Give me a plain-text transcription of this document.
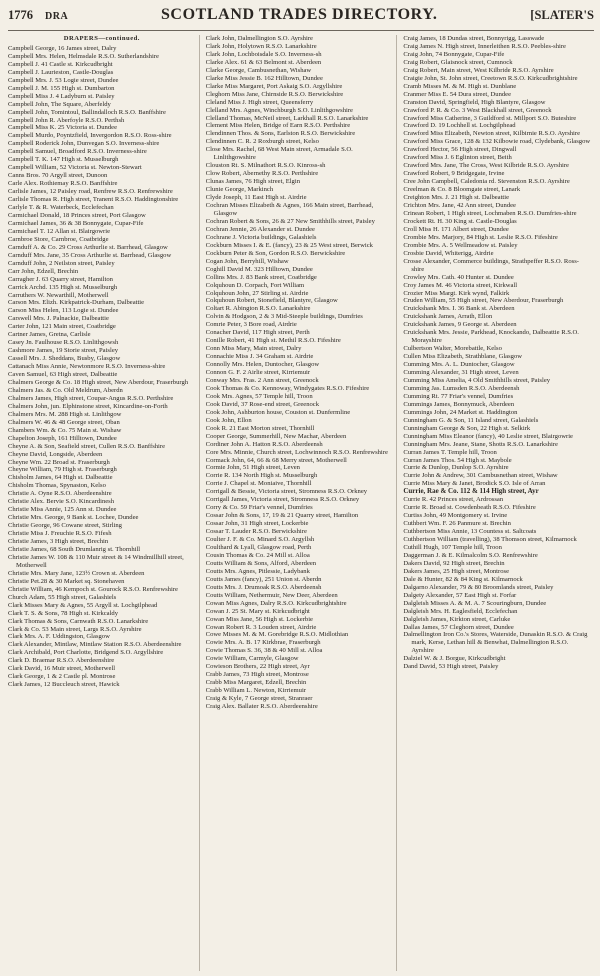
1776 DRA	SCOTLAND TRADES DIRECTORY.	[SLATER'S

DRAPERS—continued.

Campbell George, 16 James street, Dalry

Campbell Mrs. Helen, Helmsdale R.S.O. Sutherlandshire

Campbell J. 41 Castle st. Kirkcudbright

Campbell J. Laurieston, Castle-Douglas

Campbell Mrs. J. 53 Logie street, Dundee

Campbell J. M. 155 High st. Dumbarton

Campbell Miss J. 4 Ladyburn st. Paisley

Campbell John, The Square, Aberfeldy

Campbell John, Tomintoul, Ballindalloch R.S.O. Banffshire

Campbell John R. Aberfoyle R.S.O. Perthsh

Campbell Miss K. 25 Victoria st. Dundee

Campbell Murdo, Poyntzfield, Invergordon R.S.O. Ross-shire

Campbell Roderick John, Dunvegan S.O. Inverness-shire

Campbell Samuel, Broadford R.S.O. Inverness-shire

Campbell T. K. 147 High st. Musselburgh

Campbell William, 52 Victoria st. Newton-Stewart

Canns Bros. 70 Argyll street, Dunoon

Carle Alex. Rothiemay R.S.O. Banffshire

Carlisle James, 12 Paisley road, Renfrew R.S.O. Renfrewshire

Carlisle Thomas R. High street, Tranent R.S.O. Haddingtonshire

Carlyle T. & R. Waterbeck, Ecclefechan

Carmichael Donald, 18 Princes street, Port Glasgow

Carmichael James, 36 & 38 Bonnygate, Cupar-Fife

Carmichael T. 12 Allan st. Blairgowrie

Carnbroe Store, Carnbroe, Coatbridge

Carnduff A. & Co. 29 Cross Arthurlie st. Barrhead, Glasgow

Carnduff Mrs. Jane, 35 Cross Arthurlie st. Barrhead, Glasgow

Carnduff John, 2 Neilston street, Paisley

Carr John, Edzell, Brechin

Carragher J. 63 Quarry street, Hamilton

Carrick Archd. 135 High st. Musselburgh

Carruthers W. Newarthill, Motherwell

Carson Mrs. Elizh. Kirkpatrick-Durham, Dalbeattie

Carson Miss Helen, 113 Logie st. Dundee

Carswell Mrs. J. Palnackie, Dalbeattie

Carter John, 121 Main street, Coatbridge

Cartner James, Gretna, Carlisle

Casey Jn. Faulhouse R.S.O. Linlithgowsh

Cashmore James, 19 Storie street, Paisley

Cassell Mrs. J. Sheddans, Busby, Glasgow

Cattanach Miss Annie, Newtonmore R.S.O. Inverness-shire

Caven Samuel, 63 High street, Dalbeattie

Chalmers George & Co. 18 High street, New Aberdour, Fraserburgh

Chalmers Jas. & Co. Old Meldrum, Aberdn

Chalmers James, High street, Coupar-Angus R.S.O. Perthshire

Chalmers John, jun. Elphinstone street, Kincardine-on-Forth

Chalmers Mrs. M. 288 High st. Linlithgow

Chalmers W. 46 & 48 George street, Oban

Chambers Wm. & Co. 75 Main st. Wishaw

Chapelton Joseph, 161 Hilltown, Dundee

Cheyne A. & Son, Seafield street, Cullen R.S.O. Banffshire

Cheyne David, Longside, Aberdeen

Cheyne Wm. 22 Broad st. Fraserburgh

Cheyne William, 79 High st. Fraserburgh

Chisholm James, 64 High st. Dalbeattie

Chisholm Thomas, Spynaston, Kelso

Christie A. Oyne R.S.O. Aberdeenshire

Christie Alex. Bervie S.O. Kincardinesh

Christie Miss Annie, 125 Ann st. Dundee

Christie Mrs. George, 9 Bank st. Lochee, Dundee

Christie George, 96 Cowane street, Stirling

Christie Miss J. Freuchie R.S.O. Fifesh

Christie James, 3 High street, Brechin

Christie James, 68 South Drumlanrig st. Thornhill

Christie James W. 108 & 110 Muir street & 14 Windmillhill street, Motherwell

Christie Mrs. Mary Jane, 123½ Crown st. Aberdeen

Christie Pet.28 & 30 Market sq. Stonehaven

Christie William, 46 Kempoch st. Gourock R.S.O. Renfrewshire

Church Adam, 55 High street, Galashiels

Clark Misses Mary & Agnes, 55 Argyll st. Lochgilphead

Clark T. S. & Sons, 78 High st. Kirkcaldy

Clark Thomas & Sons, Carnwath R.S.O. Lanarkshire

Clark & Co. 53 Main street, Largs R.S.O. Ayrshire

Clark Mrs. A. F. Uddingston, Glasgow

Clark Alexander, Mintlaw, Mintlaw Station R.S.O. Aberdeenshire

Clark Archibald, Port Charlotte, Bridgend S.O. Argyllshire

Clark D. Braemar R.S.O. Aberdeenshire

Clark David, 16 Muir street, Motherwell

Clark George, 1 & 2 Castle pl. Montrose

Clark James, 12 Buccleuch street, Hawick

Clark John, Dalmellington S.O. Ayrshire

Clark John, Holytown R.S.O. Lanarkshire

Clark John, Lochboisdale S.O. Inverness-sh

Clarke Alex. 61 & 63 Belmont st. Aberdeen

Clarke George, Cambusnethan, Wishaw

Clarke Miss Jessie B. 162 Hilltown, Dundee

Clarke Miss Margaret, Port Askaig S.O. Argyllshire

Cleghorn Miss Jane, Chirnside R.S.O. Berwickshire

Cleland Miss J. High street, Queensferry

Clelland Mrs. Agnes, Winchburgh S.O. Linlithgowshire

Clelland Thomas, McNeil street, Larkhall R.S.O. Lanarkshire

Clement Miss Helen, Bridge of Earn R.S.O. Perthshire

Clendinnen Thos. & Sons, Earlston R.S.O. Berwickshire

Clendinnen C. R. 2 Roxburgh street, Kelso

Close Mrs. Rachel, 68 West Main street, Armadale S.O. Linlithgowshire

Clouston Rt. S. Milnathort R.S.O. Kinross-sh

Clow Robert, Abernethy R.S.O. Perthshire

Clunas James, 76 High street, Elgin

Clunie George, Markinch

Clyde Joseph, 11 East High st. Airdrie

Cochran Misses Elizabeth & Agnes, 166 Main street, Barrhead, Glasgow

Cochran Robert & Sons, 26 & 27 New Smithhills street, Paisley

Cochran Jennie, 26 Alexander st. Dundee

Cochrane J. Victoria buildings, Galashiels

Cockburn Misses I. & E. (fancy), 23 & 25 West street, Berwick

Cockburn Peter & Son, Gordon R.S.O. Berwickshire

Cogan John, Berryhill, Wishaw

Coghill David M. 323 Hilltown, Dundee

Collins Mrs. J. 83 Bank street, Coatbridge

Colquhoun D. Corpach, Fort William

Colquhoun John, 27 Stirling st. Airdrie

Colquhoun Robert, Stonefield, Blantyre, Glasgow

Coltart R. Abington R.S.O. Lanarkshire

Colvin & Hodgson, 2 & 3 Mid-Steeple buildings, Dumfries

Comrie Peter, 3 Bore road, Airdrie

Conacher David, 117 High street, Perth

Conille Robert, 41 High st. Methil R.S.O. Fifeshire

Conn Miss Mary, Main street, Dalry

Connachie Miss J. 34 Graham st. Airdrie

Connolly Mrs. Helen, Duntocher, Glasgow

Connon G. F. 2 Airlie street, Kirriemuir

Conway Mrs. Fras. 2 Ann street, Greenock

Cook Thomas & Co. Kennoway, Windygates R.S.O. Fifeshire

Cook Mrs. Agnes, 57 Temple hill, Troon

Cook David, 37 Rose-end street, Greenock

Cook John, Ashburton house, Couston st. Dunfermline

Cook John, Ellon

Cook R. 21 East Morton street, Thornhill

Cooper George, Summerhill, New Machar, Aberdeen

Cordiner John A. Hatton R.S.O. Aberdeensh

Core Mrs. Minnie, Church street, Lochwinnoch R.S.O. Renfrewshire

Cormack John, 64, 66 & 68 Merry street, Motherwell

Cormie John, 51 High street, Leven

Corrie R. 134 North High st. Musselburgh

Corrie J. Chapel st. Moniaive, Thornhill

Corrigall & Bessie, Victoria street, Stromness R.S.O. Orkney

Corrigall James, Victoria street, Stromness R.S.O. Orkney

Corry & Co. 59 Friar's vennel, Dumfries

Cossar John & Sons, 17, 19 & 21 Quarry street, Hamilton

Cossar John, 31 High street, Lockerbie

Cossar T. Lauder R.S.O. Berwickshire

Coulter J. F. & Co. Minard S.O. Argyllsh

Coulthard & Lyall, Glasgow road, Perth

Cousin Thomas & Co. 24 Mill st. Alloa

Coutts William & Sons, Alford, Aberdeen

Coutts Mrs. Agnes, Pitlessie, Ladybank

Coutts James (fancy), 251 Union st. Aberdn

Coutts Mrs. J. Drumoak R.S.O. Aberdeensh

Coutts William, Nethermuir, New Deer, Aberdeen

Cowan Miss Agnes, Dalry R.S.O. Kirkcudbrightshire

Cowan J. 25 St. Mary st. Kirkcudbright

Cowan Miss Jane, 56 High st. Lockerbie

Cowan Robert R. 3 Louden street, Airdrie

Cowe Misses M. & M. Gorebridge R.S.O. Midlothian

Cowie Mrs. A. B. 17 Kirkbrae, Fraserburgh

Cowie Thomas S. 36, 38 & 40 Mill st. Alloa

Cowie William, Carmyle, Glasgow

Cowieson Brothers, 22 High street, Ayr

Crabb James, 73 High street, Montrose

Crabb Miss Margaret, Edzell, Brechin

Crabb William L. Newton, Kirriemuir

Craig & Kyle, 7 George street, Stranraer

Craig Alex. Ballater R.S.O. Aberdeenshire

Craig James, 18 Dundas street, Bonnyrigg, Lasswade

Craig James N. High street, Innerleithen R.S.O. Peebles-shire

Craig John, 74 Bonnygate, Cupar-Fife

Craig Robert, Glaisnock street, Cumnock

Craig Robert, Main street, West Kilbride R.S.O. Ayrshire

Craigie John, St. John street, Creetown R.S.O. Kirkcudbrightshire

Cramb Misses M. & M. High st. Dunblane

Cranmer Miss E. 54 Dura street, Dundee

Cranston David, Springfield, High Blantyre, Glasgow

Crawford P. R. & Co. 3 West Blackhall street, Greenock

Crawford Miss Catherine, 3 Guildford st. Millport S.O. Buteshire

Crawford D. 19 Lochhell st. Lochgilphead

Crawford Miss Elizabeth, Newton street, Kilbirnie R.S.O. Ayrshire

Crawford Miss Grace, 128 & 132 Kilbowie road, Clydebank, Glasgow

Crawford Hector, 56 High street, Dingwall

Crawford Miss J. 6 Eglinton street, Beith

Crawford Mrs. Jane, The Cross, West Kilbride R.S.O. Ayrshire

Crawford Robert, 9 Bridgegate, Irvine

Cree John Campbell, Caledonia rd. Stevenston R.S.O. Ayrshire

Creelman & Co. 8 Bloomgate street, Lanark

Creighton Mrs. J. 21 High st. Dalbeattie

Crichton Mrs. Jane, 42 Ann street, Dundee

Crinean Robert, 1 High street, Lochmaben R.S.O. Dumfries-shire

Crockett Rt. H. 30 King st. Castle-Douglas

Croll Miss H. 171 Albert street, Dundee

Crombie Mrs. Marjory, 84 High st. Leslie R.S.O. Fifeshire

Crombie Mrs. A. 5 Wellmeadow st. Paisley

Crosbie David, Whiterigg, Airdrie

Crosse Alexander, Commerce buildings, Strathpeffer R.S.O. Ross-shire

Crowley Mrs. Cath. 40 Hunter st. Dundee

Croy James M. 46 Victoria street, Kirkwall

Crozier Miss Margt. Kirk wynd, Falkirk

Cruden William, 55 High street, New Aberdour, Fraserburgh

Cruickshank Mrs. I. 36 Bank st. Aberdeen

Cruickshank James, Arrath, Ellon

Cruickshank James, 9 George st. Aberdeen

Cruickshank Mrs. Jessie, Parkhead, Knockando, Dalbeattie R.S.O. Morayshire

Culbertson Walter, Morebattle, Kelso

Cullen Miss Elizabeth, Strathblane, Glasgow

Cumming Mrs. A. L. Duntocher, Glasgow

Cumming Alexander, 31 High street, Leven

Cumming Miss Amelia, 4 Old Smithhills street, Paisley

Cumming Jas. Lumsden R.S.O. Aberdeensh

Cumming Rt. 77 Friar's vennel, Dumfries

Cummings James, Bonnymuck, Aberdeen

Cummings John, 24 Market st. Haddington

Cunningham G. & Son, 11 Island street, Galashiels

Cunningham George & Son, 22 High st. Selkirk

Cunningham Miss Eleanor (fancy), 40 Leslie street, Blairgowrie

Cunningham Mrs. Jeane, Stane, Shotts R.S.O. Lanarkshire

Curran James T. Temple hill, Troon

Curran James Thos. 54 High st. Maybole

Currie & Dunlop, Dunlop S.O. Ayrshire

Currie John & Andrew, 301 Cambusnethan street, Wishaw

Currie Miss Mary & Janet, Brodick S.O. Isle of Arran

Currie, Rae & Co. 112 & 114 High street, Ayr

Currie R. 42 Princes street, Ardrossan

Currie R. Broad st. Cowdenbeath R.S.O. Fifeshire

Curtiss John, 49 Montgomery st. Irvine

Cuthbert Wm. F. 26 Panmure st. Brechin

Cuthbertson Miss Annie, 13 Countess st. Saltcoats

Cuthbertson William (travelling), 38 Thomson street, Kilmarnock

Cuthill Hugh, 107 Temple hill, Troon

Daggerman J. & E. Kilmalcolm S.O. Renfrewshire

Dakers David, 92 High street, Brechin

Dakers James, 25 High street, Montrose

Dale & Hunter, 82 & 84 King st. Kilmarnock

Dalgarno Alexander, 79 & 80 Broomlands street, Paisley

Dalgety Alexander, 57 East High st. Forfar

Dalgleish Misses A. & M. A. 7 Scouringburn, Dundee

Dalgleish Mrs. H. Eaglesfield, Ecclefechan

Dalgleish James, Kirkton street, Carluke

Dallas James, 57 Cleghorn street, Dundee

Dalmellington Iron Co.'s Stores, Waterside, Dunaskin R.S.O. & Craig mark, Kerse, Lethan hill & Benwhat, Dalmellington R.S.O. Ayrshire

Dalziel W. & J. Borgue, Kirkcudbright

Dand David, 53 High street, Paisley
